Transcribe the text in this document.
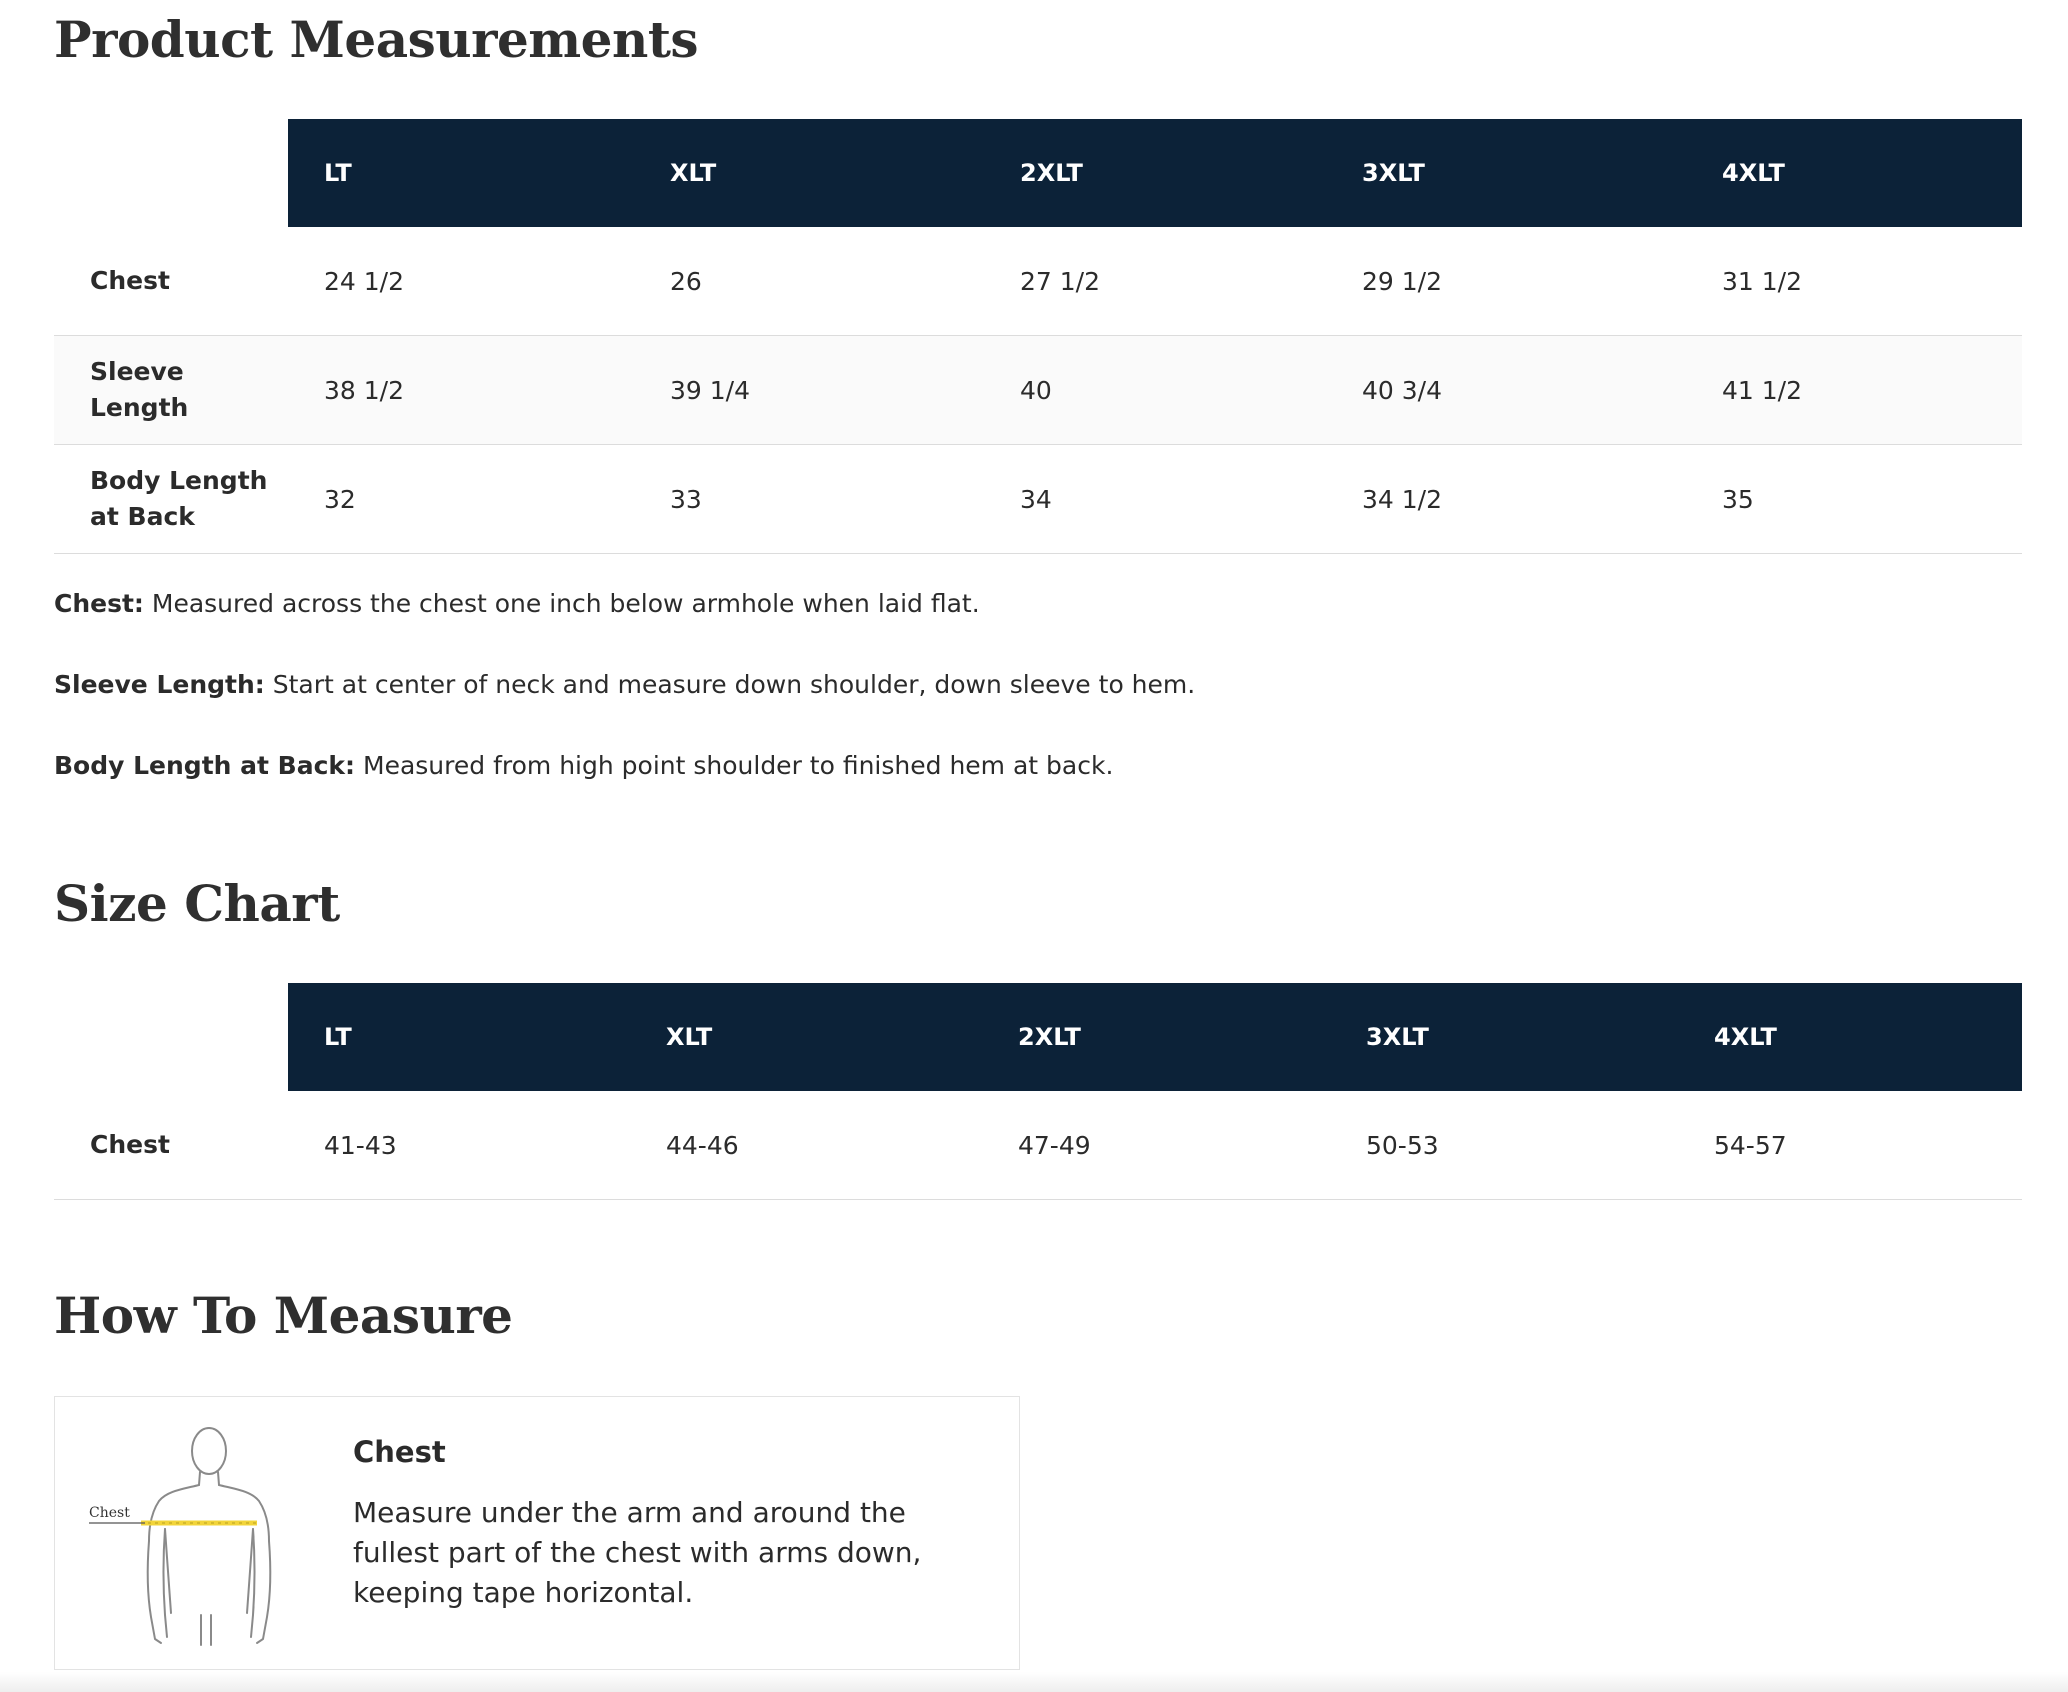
Product Measurements
	LT	XLT	2XLT	3XLT	4XLT
Chest	24 1/2	26	27 1/2	29 1/2	31 1/2
Sleeve Length	38 1/2	39 1/4	40	40 3/4	41 1/2
Body Length at Back	32	33	34	34 1/2	35

Chest: Measured across the chest one inch below armhole when laid flat.

Sleeve Length: Start at center of neck and measure down shoulder, down sleeve to hem.

Body Length at Back: Measured from high point shoulder to finished hem at back.

Size Chart
	LT	XLT	2XLT	3XLT	4XLT
Chest	41-43	44-46	47-49	50-53	54-57
How To Measure
Chest

Chest

Measure under the arm and around the fullest part of the chest with arms down, keeping tape horizontal.
